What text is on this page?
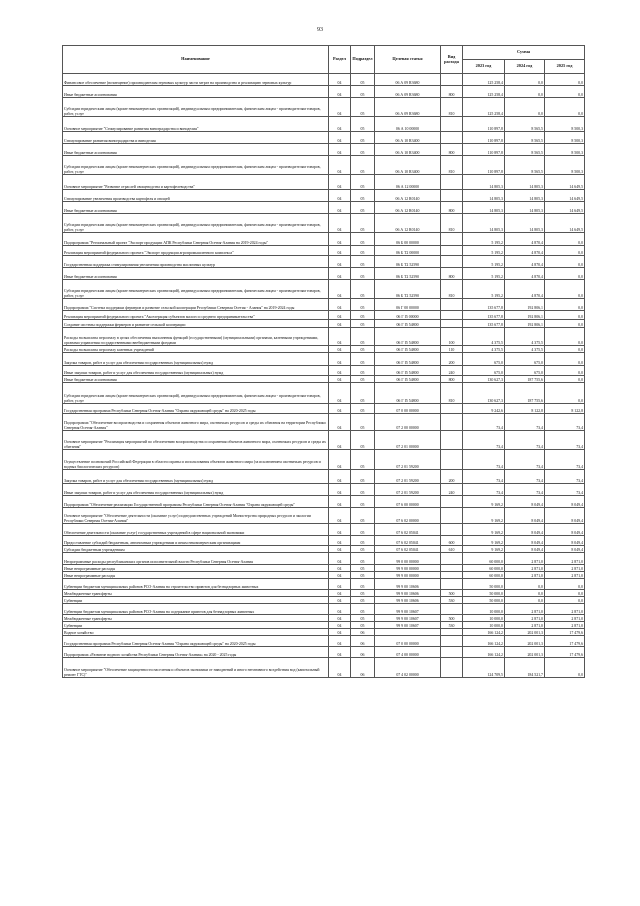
93
Наименование	Раздел	Подраздел	Целевая статья	Вид расхода	Сумма		
					2023 год	2024 год	2025 год
Финансовое обеспечение (возмещение) производителям зерновых культур части затрат на производство и реализацию зерновых культур	04	05	06 А 09 R3680		125 258,4	0,0	0,0
Иные бюджетные ассигнования	04	05	06 А 09 R3680	800	125 258,4	0,0	0,0
Субсидии юридическим лицам (кроме некоммерческих организаций), индивидуальным предпринимателям, физическим лицам - производителям товаров, работ, услуг	04	05	06 А 09 R3680	810	125 258,4	0,0	0,0
Основное мероприятие "Стимулирование развития виноградарства и виноделия"	04	05	06 А 10 00000		110 897,8	8 565,5	8 500,3
Стимулирование развития виноградарства и виноделия	04	05	06 А 10 R3400		110 897,8	8 565,5	8 500,3
Иные бюджетные ассигнования	04	05	06 А 10 R3400	800	110 897,8	8 565,5	8 500,3
Субсидии юридическим лицам (кроме некоммерческих организаций), индивидуальным предпринимателям, физическим лицам - производителям товаров, работ, услуг	04	05	06 А 10 R3400	810	110 897,8	8 565,5	8 500,3
Основное мероприятие "Развитие отраслей овощеводства и картофелеводства"	04	05	06 А 12 00000		14 805,3	14 805,3	14 649,5
Стимулирование увеличения производства картофеля и овощей	04	05	06 А 12 R0140		14 805,3	14 805,3	14 649,5
Иные бюджетные ассигнования	04	05	06 А 12 R0140	800	14 805,3	14 805,3	14 649,5
Субсидии юридическим лицам (кроме некоммерческих организаций), индивидуальным предпринимателям, физическим лицам - производителям товаров, работ, услуг	04	05	06 А 12 R0140	810	14 805,3	14 805,3	14 649,5
Подпрограмма "Региональный проект "Экспорт продукции АПК Республики Северная Осетия-Алания на 2019-2024 годы"	04	05	06 Б 00 00000		5 195,2	4 870,4	0,0
Реализация мероприятий федерального проекта "Экспорт продукции агропромышленного комплекса"	04	05	06 Б Т2 00000		5 195,2	4 870,4	0,0
Государственная поддержка стимулирования увеличения производства масличных культур	04	05	06 Б Т2 52590		5 195,2	4 870,4	0,0
Иные бюджетные ассигнования	04	05	06 Б Т2 52590	800	5 195,2	4 870,4	0,0
Субсидии юридическим лицам (кроме некоммерческих организаций), индивидуальным предпринимателям, физическим лицам - производителям товаров, работ, услуг	04	05	06 Б Т2 52590	810	5 195,2	4 870,4	0,0
Подпрограмма "Система поддержки фермеров и развитие сельской кооперации Республики Северная Осетия - Алания" на 2019-2024 годы	04	05	06 Г 00 00000		135 677,8	192 806,1	0,0
Реализация мероприятий федерального проекта "Акселерация субъектов малого и среднего предпринимательства"	04	05	06 Г I5 00000		135 677,8	192 806,1	0,0
Создание системы поддержки фермеров и развитие сельской кооперации	04	05	06 Г I5 54800		135 677,8	192 806,1	0,0
Расходы на выплаты персоналу в целях обеспечения выполнения функций (государственными) (муниципальными) органами, казенными учреждениями, органами управления государственными внебюджетными фондами	04	05	06 Г I5 54800	100	4 375,5	4 375,5	0,0
Расходы на выплаты персоналу казенных учреждений	04	05	06 Г I5 54800	110	4 375,5	4 375,5	0,0
Закупка товаров, работ и услуг для обеспечения государственных (муниципальных) нужд	04	05	06 Г I5 54800	200	675,0	675,0	0,0
Иные закупки товаров, работ и услуг для обеспечения государственных (муниципальных) нужд	04	05	06 Г I5 54800	240	675,0	675,0	0,0
Иные бюджетные ассигнования	04	05	06 Г I5 54800	800	130 627,3	187 755,6	0,0
Субсидии юридическим лицам (кроме некоммерческих организаций), индивидуальным предпринимателям, физическим лицам - производителям товаров, работ, услуг	04	05	06 Г I5 54800	810	130 627,3	187 755,6	0,0
Государственная программа Республики Северная Осетия-Алания "Охрана окружающей среды" на 2020-2025 годы	04	05	07 0 00 00000		9 242,6	8 122,8	8 122,8
Подпрограмма "Обеспечение воспроизводства и сохранения объектов животного мира, охотничьих ресурсов и среды их обитания на территории Республики Северная Осетия-Алания"	04	05	07 2 00 00000		73,4	73,4	73,4
Основное мероприятие "Реализация мероприятий по обеспечению воспроизводства и сохранения объектов животного мира, охотничьих ресурсов и среды их обитания"	04	05	07 2 01 00000		73,4	73,4	73,4
Осуществление полномочий Российской Федерации в области охраны и использования объектов животного мира (за исключением охотничьих ресурсов и водных биологических ресурсов)	04	05	07 2 01 59200		73,4	73,4	73,4
Закупка товаров, работ и услуг для обеспечения государственных (муниципальных) нужд	04	05	07 2 01 59200	200	73,4	73,4	73,4
Иные закупки товаров, работ и услуг для обеспечения государственных (муниципальных) нужд	04	05	07 2 01 59200	240	73,4	73,4	73,4
Подпрограмма "Обеспечение реализации Государственной программы Республики Северная Осетия-Алания "Охрана окружающей среды"	04	05	07 6 00 00000		9 169,2	8 049,4	8 049,4
Основное мероприятие "Обеспечение деятельности (оказание услуг) подведомственных учреждений Министерства природных ресурсов и экологии Республики Северная Осетия-Алания"	04	05	07 6 02 00000		9 169,2	8 049,4	8 049,4
Обеспечение деятельности (оказание услуг) государственных учреждений в сфере национальной экономики	04	05	07 6 02 05041		9 169,2	8 049,4	8 049,4
Предоставление субсидий бюджетным, автономным учреждениям и иным некоммерческим организациям	04	05	07 6 02 05041	600	9 169,2	8 049,4	8 049,4
Субсидии бюджетным учреждениям	04	05	07 6 02 05041	610	9 169,2	8 049,4	8 049,4
Непрограммные расходы республиканских органов исполнительной власти Республики Северная Осетия-Алания	04	05	99 0 00 00000		60 000,0	2 871,0	2 871,0
Иные непрограммные расходы	04	05	99 9 00 00000		60 000,0	2 871,0	2 871,0
Иные непрограммные расходы	04	05	99 9 00 00000		60 000,0	2 871,0	2 871,0
Субвенции бюджетам муниципальных районов РСО-Алания на строительство приютов для безнадзорных животных	04	05	99 9 00 10606		50 000,0	0,0	0,0
Межбюджетные трансферты	04	05	99 9 00 10606	500	50 000,0	0,0	0,0
Субвенции	04	05	99 9 00 10606	530	50 000,0	0,0	0,0
Субвенции бюджетам муниципальных районов РСО-Алания на содержание приютов для безнадзорных животных	04	05	99 9 00 10607		10 000,0	2 871,0	2 871,0
Межбюджетные трансферты	04	05	99 9 00 10607	500	10 000,0	2 871,0	2 871,0
Субвенции	04	05	99 9 00 10607	530	10 000,0	2 871,0	2 871,0
Водное хозяйство	04	06			166 124,2	202 001,3	17 479,6
Государственная программа Республики Северная Осетия-Алания "Охрана окружающей среды" на 2020-2025 годы	04	06	07 0 00 00000		166 124,2	202 001,3	17 479,6
Подпрограмма «Развитие водного хозяйства Республики Северная Осетия-Алания» на 2020 - 2025 годы	04	06	07 4 00 00000		166 124,2	202 001,3	17 479,6
Основное мероприятие "Обеспечение защищенности населения и объектов экономики от наводнений и иного негативного воздействия вод (капитальный ремонт ГТС)"	04	06	07 4 02 00000		124 709,5	184 521,7	0,0
